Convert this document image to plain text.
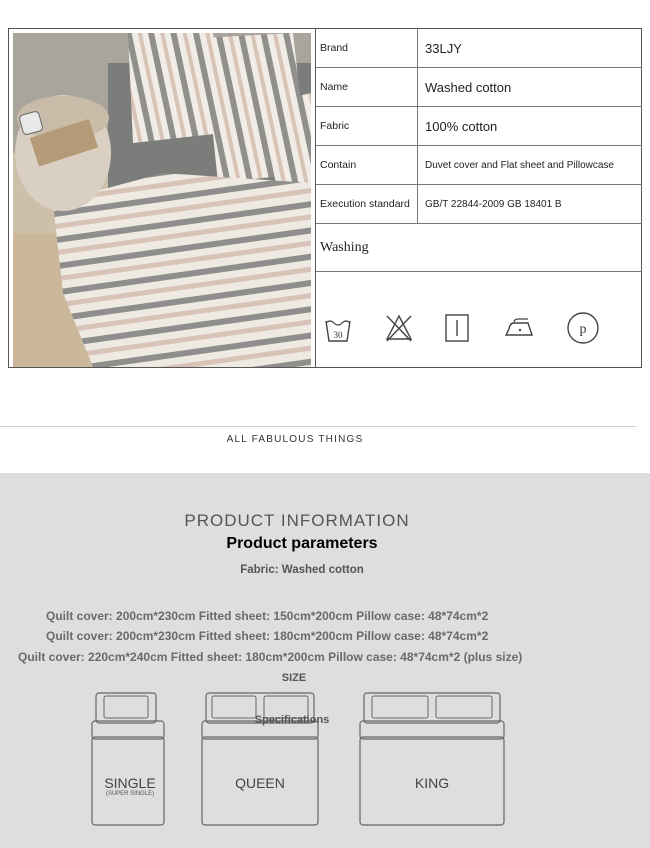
Brand	33LJY
Name	Washed cotton
Fabric	100% cotton
Contain	Duvet cover and Flat sheet and Pillowcase
Execution standard	GB/T 22844-2009 GB 18401 B
Washing
30	p
ALL FABULOUS THINGS
PRODUCT INFORMATION
Product parameters
Fabric: Washed cotton
Quilt cover: 200cm*230cm Fitted sheet: 150cm*200cm Pillow case: 48*74cm*2
Quilt cover: 200cm*230cm Fitted sheet: 180cm*200cm Pillow case: 48*74cm*2
Quilt cover: 220cm*240cm Fitted sheet: 180cm*200cm Pillow case: 48*74cm*2 (plus size)
SIZE
SINGLE
(SUPER SINGLE)
Specifications
QUEEN	KING
